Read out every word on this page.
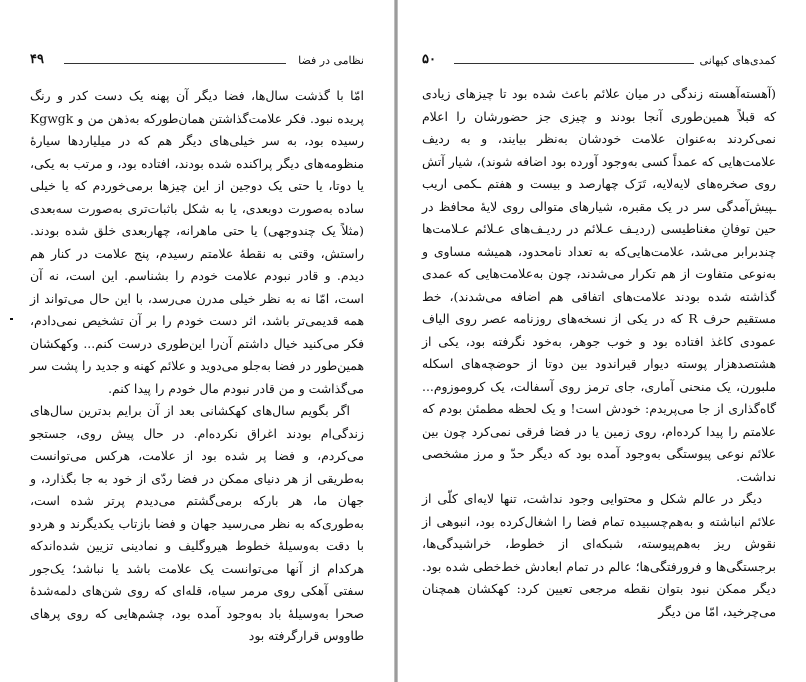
نظامی در فضا
۴۹

امّا با گذشت سال‌ها، فضا دیگر آن پهنه یک دست کدر و رنگ پریده نبود. فکر علامت‌گذاشتن همان‌طورکه به‌ذهن من و Kgwgk رسیده بود، به سر خیلی‌های دیگر هم که در میلیاردها سیارهٔ منظومه‌های دیگر پراکنده شده بودند، افتاده بود، و مرتب به یکی، یا دوتا، یا حتی یک دوجین از این چیزها برمی‌خوردم که یا خیلی ساده به‌صورت دوبعدی، یا به شکل باثبات‌تری به‌صورت سه‌بعدی (مثلاً یک چندوجهی) یا حتی ماهرانه، چهاربعدی خلق شده بودند. راستش، وقتی به نقطهٔ علامتم رسیدم، پنج علامت در کنار هم دیدم. و قادر نبودم علامت خودم را بشناسم. این است، نه آن است، امّا نه به نظر خیلی مدرن می‌رسد، با این حال می‌تواند از همه قدیمی‌تر باشد، اثر دست خودم را بر آن تشخیص نمی‌دادم، فکر می‌کنید خیال داشتم آن‌را این‌طوری درست کنم... وکهکشان همین‌طور در فضا به‌جلو می‌دوید و علائم کهنه و جدید را پشت سر می‌گذاشت و من قادر نبودم مال خودم را پیدا کنم.

اگر بگویم سال‌های کهکشانی بعد از آن برایم بدترین سال‌های زندگی‌ام بودند اغراق نکرده‌ام. در حال پیش روی، جستجو می‌کردم، و فضا پر شده بود از علامت، هرکس می‌توانست به‌طریقی از هر دنیای ممکن در فضا ردّی از خود به جا بگذارد، و جهان ما، هر بارکه برمی‌گشتم می‌دیدم پرتر شده است، به‌طوری‌که به نظر می‌رسید جهان و فضا بازتاب یکدیگرند و هردو با دقت به‌وسیلهٔ خطوط هیروگلیف و نمادینی تزیین شده‌اندکه هرکدام از آنها می‌توانست یک علامت باشد یا نباشد؛ یک‌جور سفتی آهکی روی مرمر سیاه، قله‌ای که روی شن‌های دلمه‌شدهٔ صحرا به‌وسیلهٔ باد به‌وجود آمده بود، چشم‌هایی که روی پرهای طاووس قرارگرفته بود

کمدی‌های کیهانی
۵۰

(آهسته‌آهسته زندگی در میان علائم باعث شده بود تا چیزهای زیادی که قبلاً همین‌طوری آنجا بودند و چیزی جز حضورشان را اعلام نمی‌کردند به‌عنوان علامت خودشان به‌نظر بیایند، و به ردیف علامت‌هایی که عمداً کسی به‌وجود آورده بود اضافه شوند)، شیار آتش روی صخره‌های لایه‌لایه، تَرَک چهارصد و بیست و هفتم ـکمی اریب ـپیش‌آمدگی سر در یک مقبره، شیارهای متوالی روی لایهٔ محافظ در حین توفانِ مغناطیسی (ردیـف عـلائم در ردیـف‌های عـلائم عـلامت‌ها چندبرابر می‌شد، علامت‌هایی‌که به تعداد نامحدود، همیشه مساوی و به‌نوعی متفاوت از هم تکرار می‌شدند، چون به‌علامت‌هایی که عمدی گذاشته شده بودند علامت‌های اتفاقی هم اضافه می‌شدند)، خط مستقیم حرف R که در یکی از نسخه‌های روزنامه عصر روی الیاف عمودی کاغذ افتاده بود و خوب جوهر، به‌خود نگرفته بود، یکی از هشتصدهزار پوسته دیوار قیراندود بین دوتا از حوضچه‌های اسکله ملبورن، یک منحنی آماری، جای ترمز روی آسفالت، یک کروموزوم... گاه‌گذاری از جا می‌پریدم: خودش است! و یک لحظه مطمئن بودم که علامتم را پیدا کرده‌ام، روی زمین یا در فضا فرقی نمی‌کرد چون بین علائم نوعی پیوستگی به‌وجود آمده بود که دیگر حدّ و مرز مشخصی نداشت.

دیگر در عالم شکل و محتوایی وجود نداشت، تنها لایه‌ای کلّی از علائم انباشته و به‌هم‌چسبیده تمام فضا را اشغال‌کرده بود، انبوهی از نقوش ریز به‌هم‌پیوسته، شبکه‌ای از خطوط، خراشیدگی‌ها، برجستگی‌ها و فرورفتگی‌ها؛ عالم در تمام ابعادش خط‌خطی شده بود. دیگر ممکن نبود بتوان نقطه مرجعی تعیین کرد: کهکشان همچنان می‌چرخید، امّا من دیگر
